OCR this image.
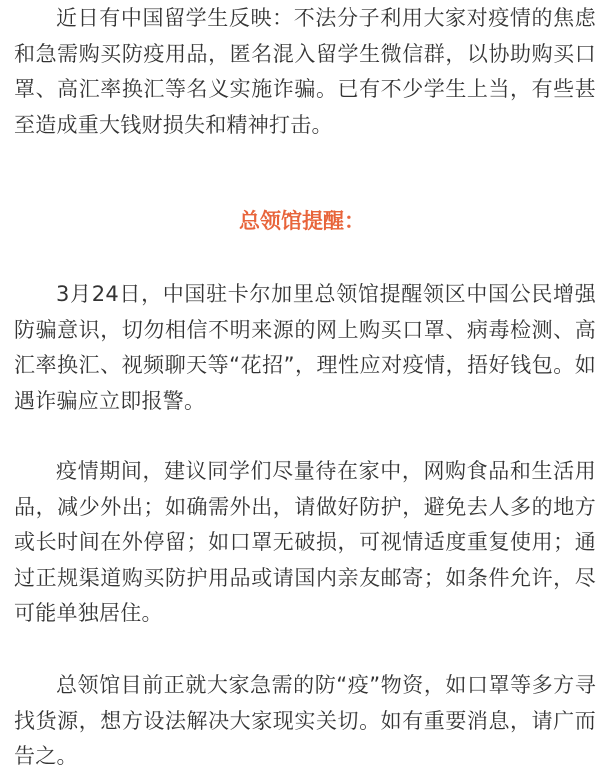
近日有中国留学生反映：不法分子利用大家对疫情的焦虑和急需购买防疫用品，匿名混入留学生微信群，以协助购买口罩、高汇率换汇等名义实施诈骗。已有不少学生上当，有些甚至造成重大钱财损失和精神打击。

总领馆提醒：

3月24日，中国驻卡尔加里总领馆提醒领区中国公民增强防骗意识，切勿相信不明来源的网上购买口罩、病毒检测、高汇率换汇、视频聊天等“花招”，理性应对疫情，捂好钱包。如遇诈骗应立即报警。

疫情期间，建议同学们尽量待在家中，网购食品和生活用品，减少外出；如确需外出，请做好防护，避免去人多的地方或长时间在外停留；如口罩无破损，可视情适度重复使用；通过正规渠道购买防护用品或请国内亲友邮寄；如条件允许，尽可能单独居住。

总领馆目前正就大家急需的防“疫”物资，如口罩等多方寻找货源，想方设法解决大家现实关切。如有重要消息，请广而告之。
